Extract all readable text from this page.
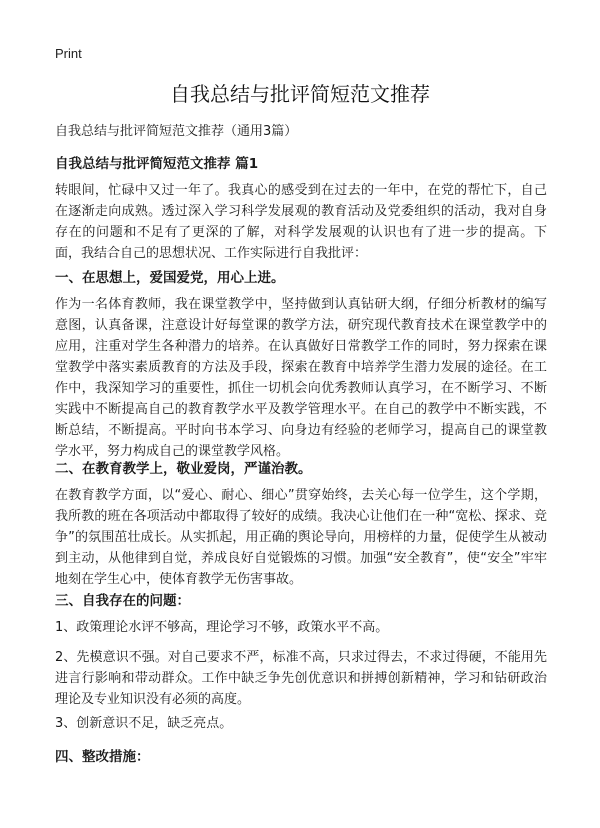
Print
自我总结与批评简短范文推荐

自我总结与批评简短范文推荐（通用3篇）

自我总结与批评简短范文推荐 篇1

转眼间，忙碌中又过一年了。我真心的感受到在过去的一年中，在党的帮忙下，自己在逐渐走向成熟。透过深入学习科学发展观的教育活动及党委组织的活动，我对自身存在的问题和不足有了更深的了解，对科学发展观的认识也有了进一步的提高。下面，我结合自己的思想状况、工作实际进行自我批评：

一、在思想上，爱国爱党，用心上进。

作为一名体育教师，我在课堂教学中，坚持做到认真钻研大纲，仔细分析教材的编写意图，认真备课，注意设计好每堂课的教学方法，研究现代教育技术在课堂教学中的应用，注重对学生各种潜力的培养。在认真做好日常教学工作的同时，努力探索在课堂教学中落实素质教育的方法及手段，探索在教育中培养学生潜力发展的途径。在工作中，我深知学习的重要性，抓住一切机会向优秀教师认真学习，在不断学习、不断实践中不断提高自己的教育教学水平及教学管理水平。在自己的教学中不断实践，不断总结，不断提高。平时向书本学习、向身边有经验的老师学习，提高自己的课堂教学水平，努力构成自己的课堂教学风格。

二、在教育教学上，敬业爱岗，严谨治教。

在教育教学方面，以“爱心、耐心、细心”贯穿始终，去关心每一位学生，这个学期，我所教的班在各项活动中都取得了较好的成绩。我决心让他们在一种“宽松、探求、竞争”的氛围茁壮成长。从实抓起，用正确的舆论导向，用榜样的力量，促使学生从被动到主动，从他律到自觉，养成良好自觉锻炼的习惯。加强“安全教育”，使“安全”牢牢地刻在学生心中，使体育教学无伤害事故。

三、自我存在的问题：

1、政策理论水评不够高，理论学习不够，政策水平不高。

2、先模意识不强。对自己要求不严，标准不高，只求过得去，不求过得硬，不能用先进言行影响和带动群众。工作中缺乏争先创优意识和拼搏创新精神，学习和钻研政治理论及专业知识没有必须的高度。

3、创新意识不足，缺乏亮点。

四、整改措施：
